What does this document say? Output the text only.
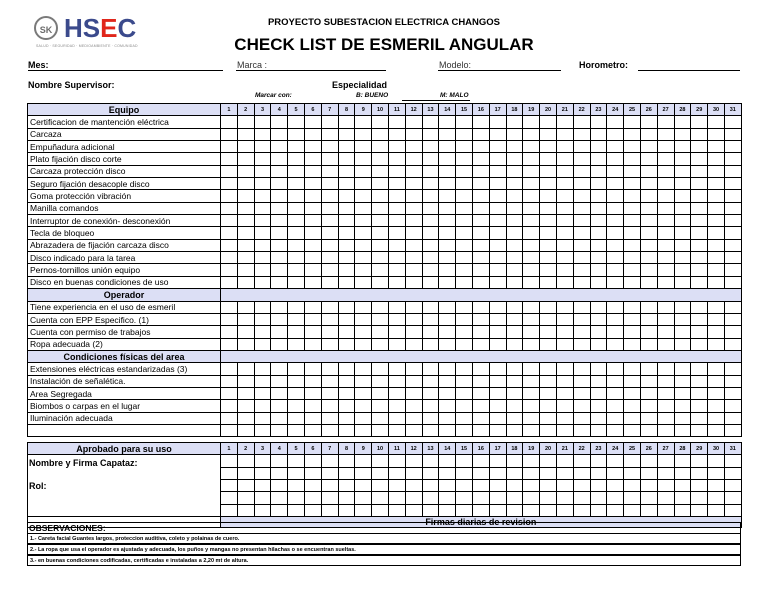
SK HSEC
SALUD · SEGURIDAD · MEDIOAMBIENTE · COMUNIDAD
PROYECTO SUBESTACION ELECTRICA CHANGOS
CHECK LIST DE ESMERIL ANGULAR
Mes:	Marca :	Modelo:	Horometro:
Nombre Supervisor:	Especialidad
Marcar con:	B: BUENO	M: MALO
Equipo	1	2	3	4	5	6	7	8	9	10	11	12	13	14	15	16	17	18	19	20	21	22	23	24	25	26	27	28	29	30	31
Certificacion de mantención eléctrica																															
Carcaza																															
Empuñadura adicional																															
Plato fijación disco corte																															
Carcaza protección disco																															
Seguro fijación desacople disco																															
Goma protección vibración																															
Manilla comandos																															
Interruptor de conexión- desconexión																															
Tecla de bloqueo																															
Abrazadera de fijación carcaza disco																															
Disco indicado para la tarea																															
Pernos-tornillos unión equipo																															
Disco en buenas condiciones de uso																															
Operador																															
Tiene experiencia en el uso de esmeril																															
Cuenta con EPP Especifico. (1)																															
Cuenta con permiso de trabajos																															
Ropa adecuada (2)																															
Condiciones físicas del area																															
Extensiones eléctricas estandarizadas (3)																															
Instalación de señalética.																															
Area Segregada																															
Biombos o carpas en el lugar																															
Iluminación adecuada																															

Aprobado para su uso	1	2	3	4	5	6	7	8	9	10	11	12	13	14	15	16	17	18	19	20	21	22	23	24	25	26	27	28	29	30	31

Nombre y Firma Capataz:
Rol:																															

	Firmas diarias de revision																														
OBSERVACIONES:
1.- Careta facial Guantes largos, proteccion auditiva, coleto y polainas de cuero.
2.- La ropa que usa el operador es ajustada y adecuada, los puños y mangas no presentan hilachas o se encuentran sueltas.
3.- en buenas condiciones codificadas, certificadas e instaladas a 2,20 mt de altura.
